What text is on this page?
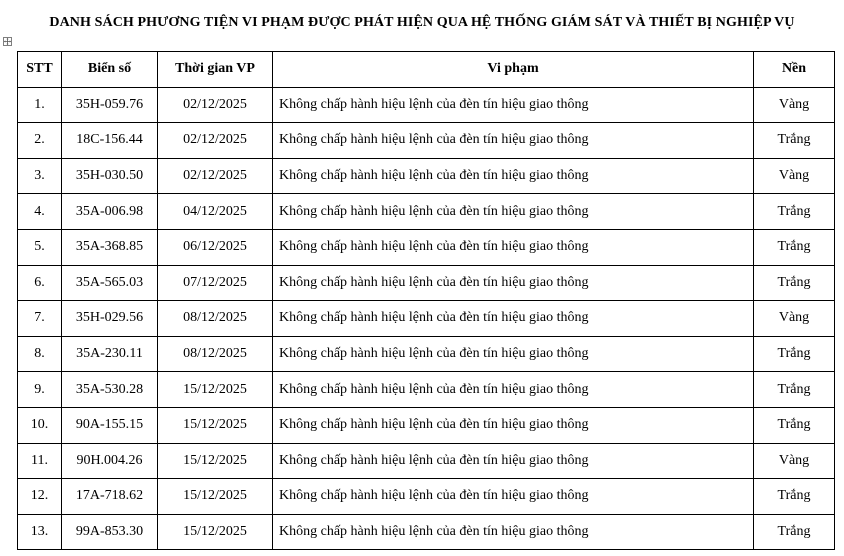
DANH SÁCH PHƯƠNG TIỆN VI PHẠM ĐƯỢC PHÁT HIỆN QUA HỆ THỐNG GIÁM SÁT VÀ THIẾT BỊ NGHIỆP VỤ
STT	Biển số	Thời gian VP	Vi phạm	Nền
1.	35H-059.76	02/12/2025	Không chấp hành hiệu lệnh của đèn tín hiệu giao thông	Vàng
2.	18C-156.44	02/12/2025	Không chấp hành hiệu lệnh của đèn tín hiệu giao thông	Trắng
3.	35H-030.50	02/12/2025	Không chấp hành hiệu lệnh của đèn tín hiệu giao thông	Vàng
4.	35A-006.98	04/12/2025	Không chấp hành hiệu lệnh của đèn tín hiệu giao thông	Trắng
5.	35A-368.85	06/12/2025	Không chấp hành hiệu lệnh của đèn tín hiệu giao thông	Trắng
6.	35A-565.03	07/12/2025	Không chấp hành hiệu lệnh của đèn tín hiệu giao thông	Trắng
7.	35H-029.56	08/12/2025	Không chấp hành hiệu lệnh của đèn tín hiệu giao thông	Vàng
8.	35A-230.11	08/12/2025	Không chấp hành hiệu lệnh của đèn tín hiệu giao thông	Trắng
9.	35A-530.28	15/12/2025	Không chấp hành hiệu lệnh của đèn tín hiệu giao thông	Trắng
10.	90A-155.15	15/12/2025	Không chấp hành hiệu lệnh của đèn tín hiệu giao thông	Trắng
11.	90H.004.26	15/12/2025	Không chấp hành hiệu lệnh của đèn tín hiệu giao thông	Vàng
12.	17A-718.62	15/12/2025	Không chấp hành hiệu lệnh của đèn tín hiệu giao thông	Trắng
13.	99A-853.30	15/12/2025	Không chấp hành hiệu lệnh của đèn tín hiệu giao thông	Trắng
